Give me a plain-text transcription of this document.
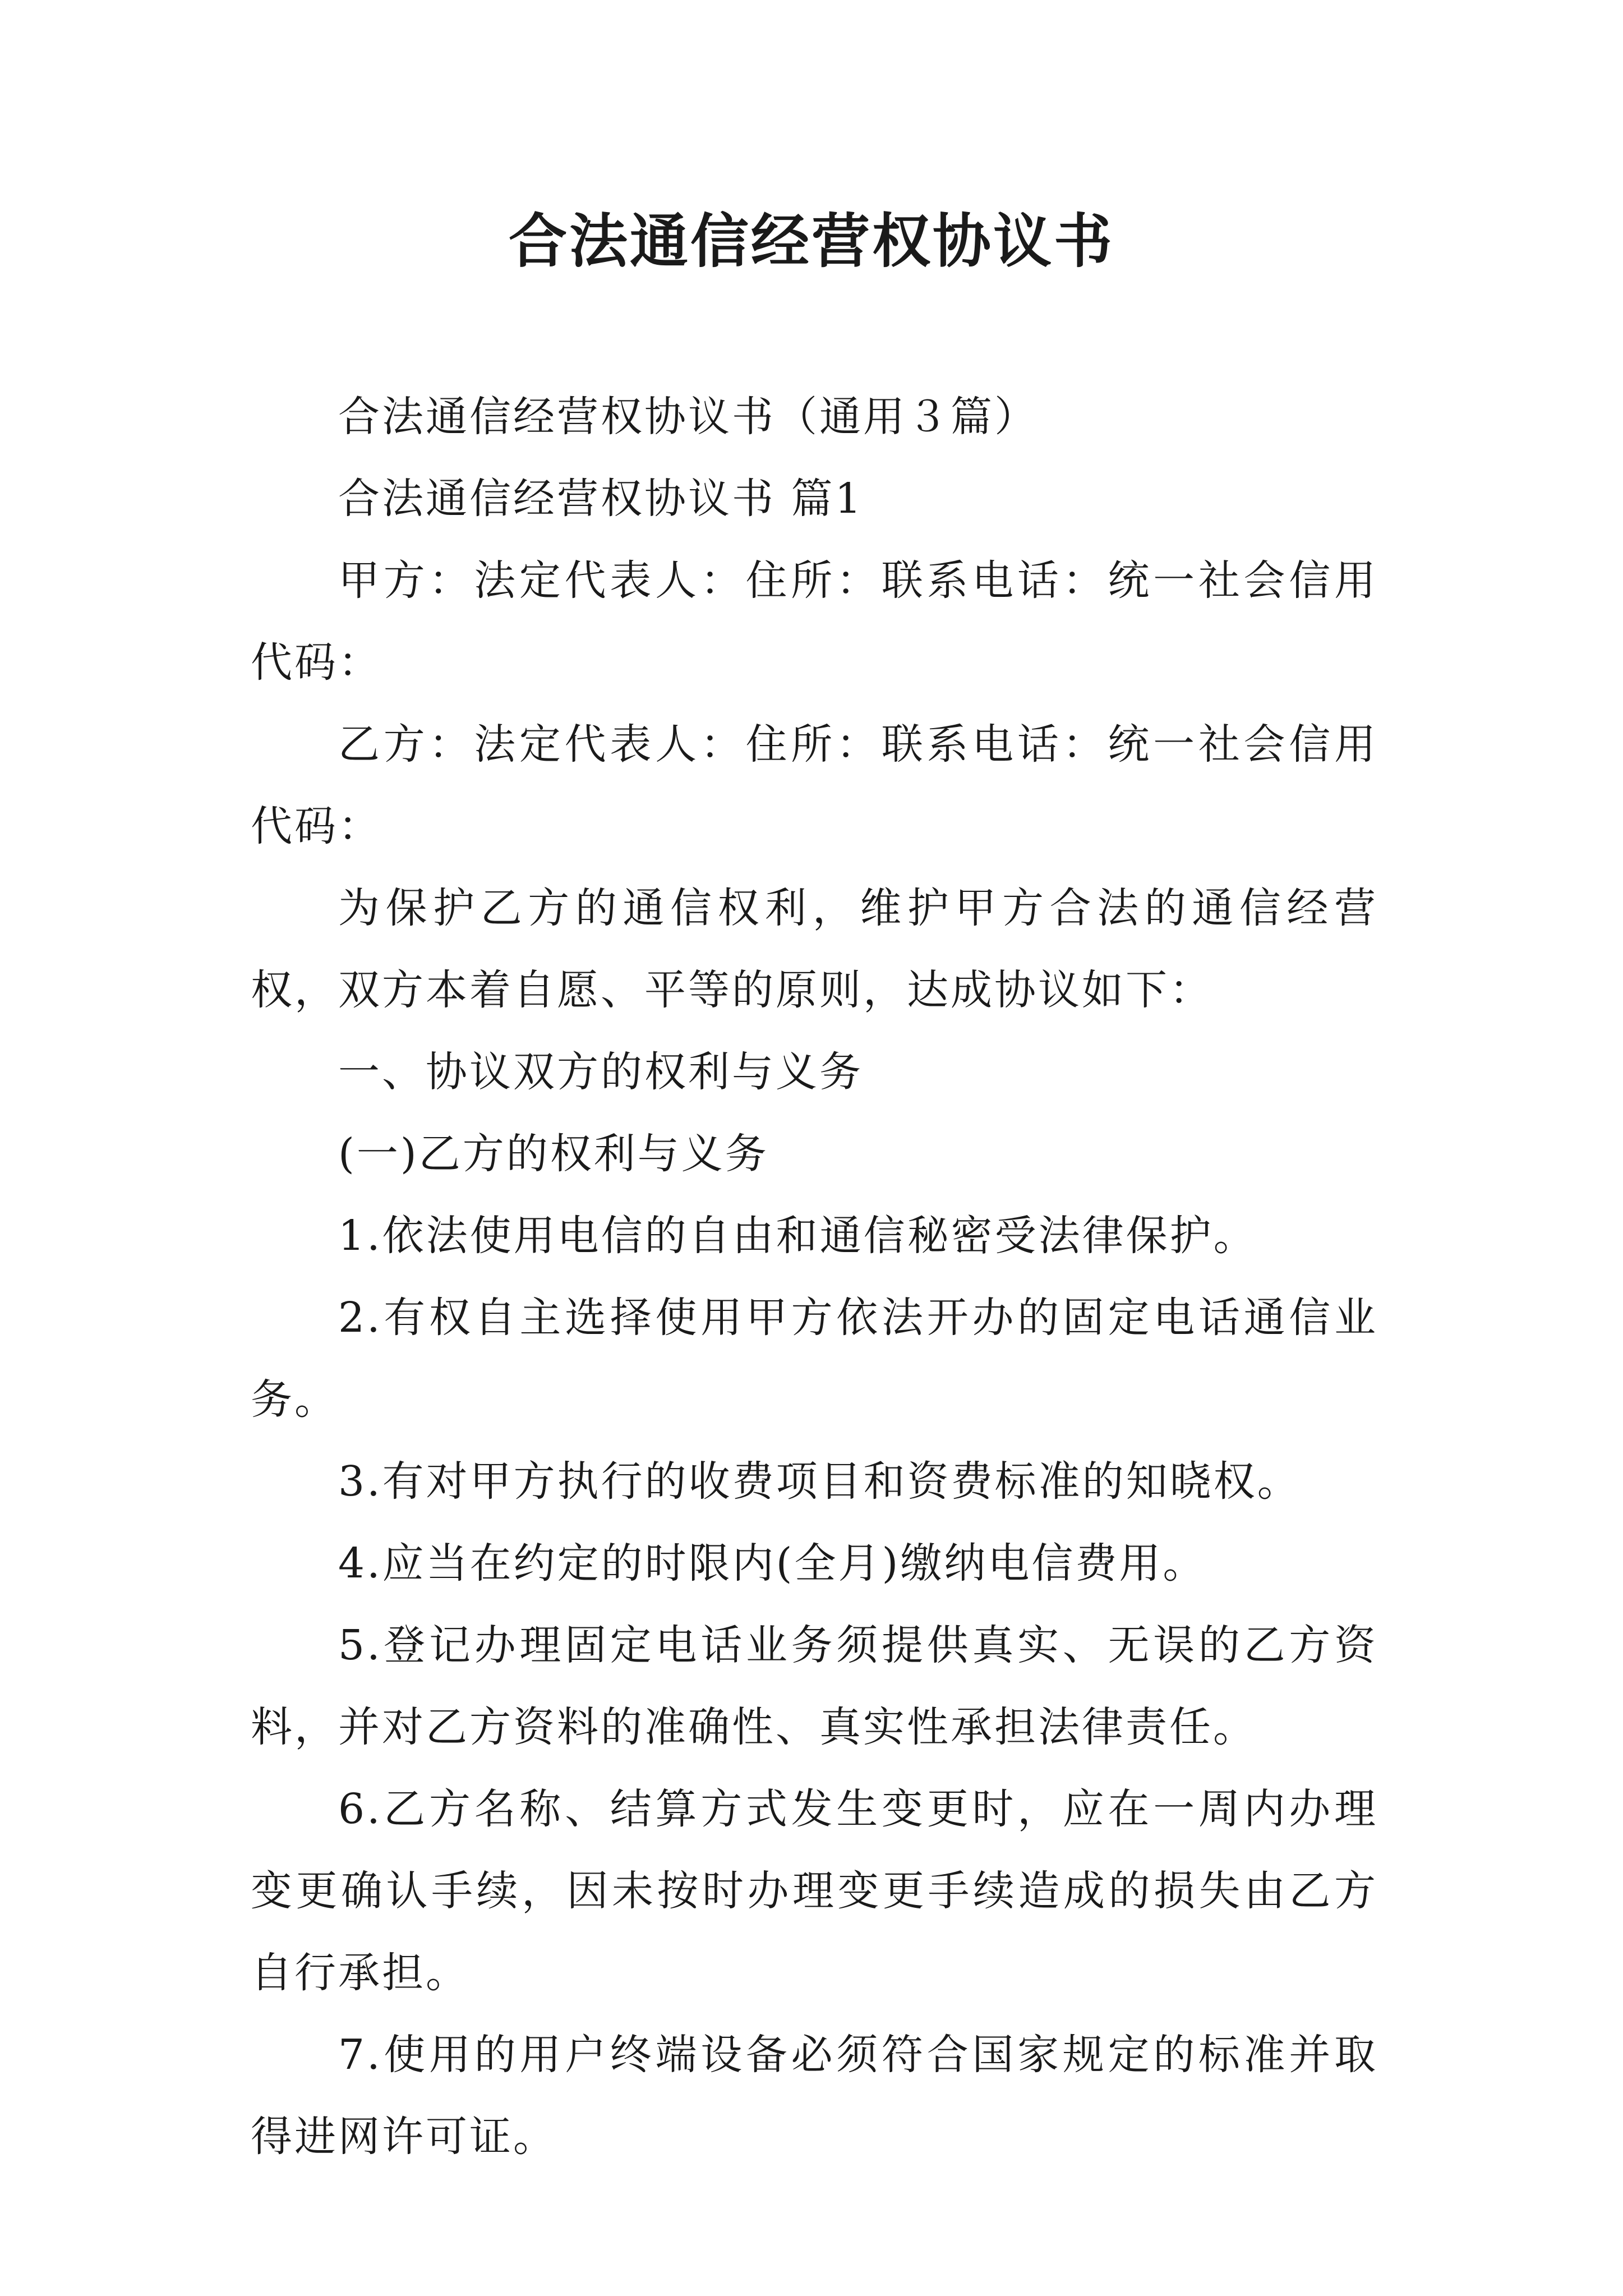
合法通信经营权协议书

合法通信经营权协议书（通用３篇）

合法通信经营权协议书 篇1

甲方：法定代表人：住所：联系电话：统一社会信用代码：

乙方：法定代表人：住所：联系电话：统一社会信用代码：

为保护乙方的通信权利，维护甲方合法的通信经营权，双方本着自愿、平等的原则，达成协议如下：

一、协议双方的权利与义务

(一)乙方的权利与义务

1.依法使用电信的自由和通信秘密受法律保护。

2.有权自主选择使用甲方依法开办的固定电话通信业务。

3.有对甲方执行的收费项目和资费标准的知晓权。

4.应当在约定的时限内(全月)缴纳电信费用。

5.登记办理固定电话业务须提供真实、无误的乙方资料，并对乙方资料的准确性、真实性承担法律责任。

6.乙方名称、结算方式发生变更时，应在一周内办理变更确认手续，因未按时办理变更手续造成的损失由乙方自行承担。

7.使用的用户终端设备必须符合国家规定的标准并取得进网许可证。
